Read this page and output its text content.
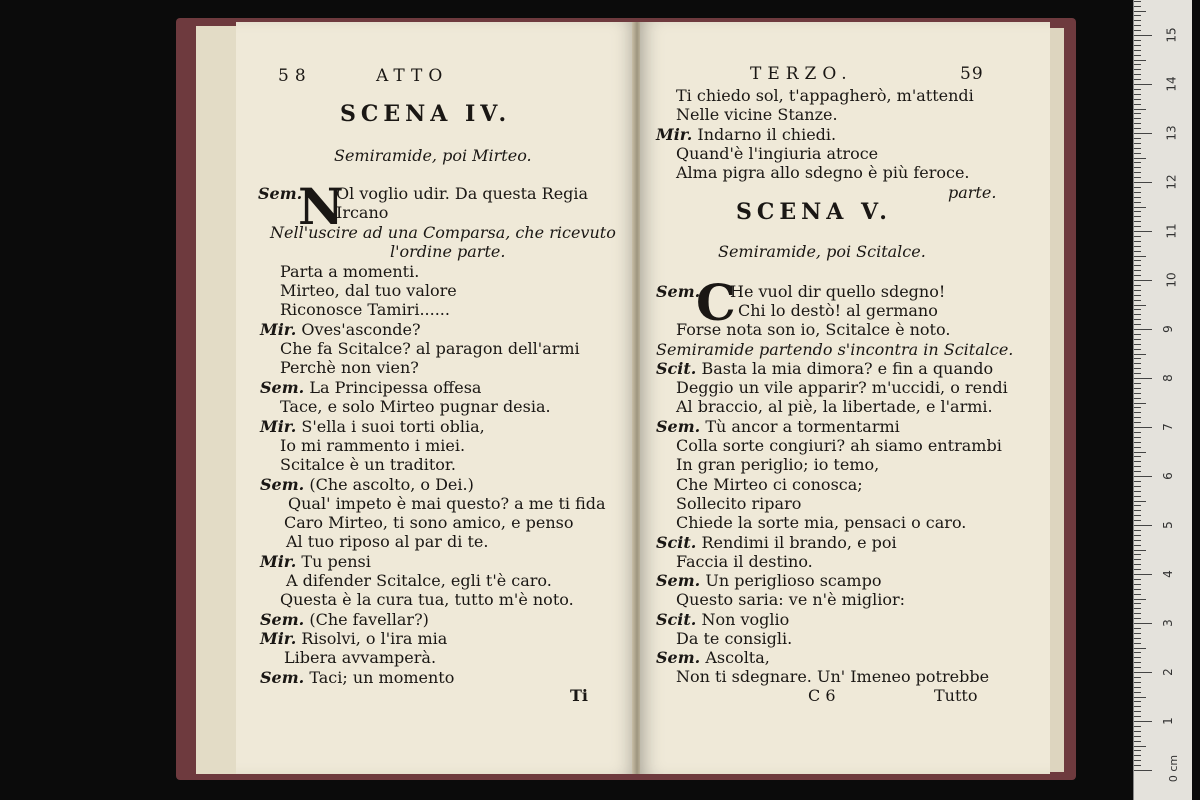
58	ATTO
SCENA IV.
Semiramide, poi Mirteo.
N
Sem. Ol voglio udir. Da questa Regia
Ircano
Nell'uscire ad una Comparsa, che ricevuto
l'ordine parte.
Parta a momenti.
Mirteo, dal tuo valore
Riconosce Tamiri......
Mir. Oves'asconde?
Che fa Scitalce? al paragon dell'armi
Perchè non vien?
Sem. La Principessa offesa
Tace, e solo Mirteo pugnar desia.
Mir. S'ella i suoi torti oblia,
Io mi rammento i miei.
Scitalce è un traditor.
Sem. (Che ascolto, o Dei.)
Qual' impeto è mai questo? a me ti fida
Caro Mirteo, ti sono amico, e penso
Al tuo riposo al par di te.
Mir. Tu pensi
A difender Scitalce, egli t'è caro.
Questa è la cura tua, tutto m'è noto.
Sem. (Che favellar?)
Mir. Risolvi, o l'ira mia
Libera avvamperà.
Sem. Taci; un momento
Ti
TERZO.	59
Ti chiedo sol, t'appagherò, m'attendi
Nelle vicine Stanze.
Mir. Indarno il chiedi.
Quand'è l'ingiuria atroce
Alma pigra allo sdegno è più feroce.
parte.
SCENA V.
Semiramide, poi Scitalce.
C
Sem. He vuol dir quello sdegno!
Chi lo destò! al germano
Forse nota son io, Scitalce è noto.
Semiramide partendo s'incontra in Scitalce.
Scit. Basta la mia dimora? e fin a quando
Deggio un vile apparir? m'uccidi, o rendi
Al braccio, al piè, la libertade, e l'armi.
Sem. Tù ancor a tormentarmi
Colla sorte congiuri? ah siamo entrambi
In gran periglio; io temo,
Che Mirteo ci conosca;
Sollecito riparo
Chiede la sorte mia, pensaci o caro.
Scit. Rendimi il brando, e poi
Faccia il destino.
Sem. Un periglioso scampo
Questo saria: ve n'è miglior:
Scit. Non voglio
Da te consigli.
Sem. Ascolta,
Non ti sdegnare. Un' Imeneo potrebbe
C 6	Tutto
0 cm
1
2
3
4
5
6
7
8
9
10
11
12
13
14
15
